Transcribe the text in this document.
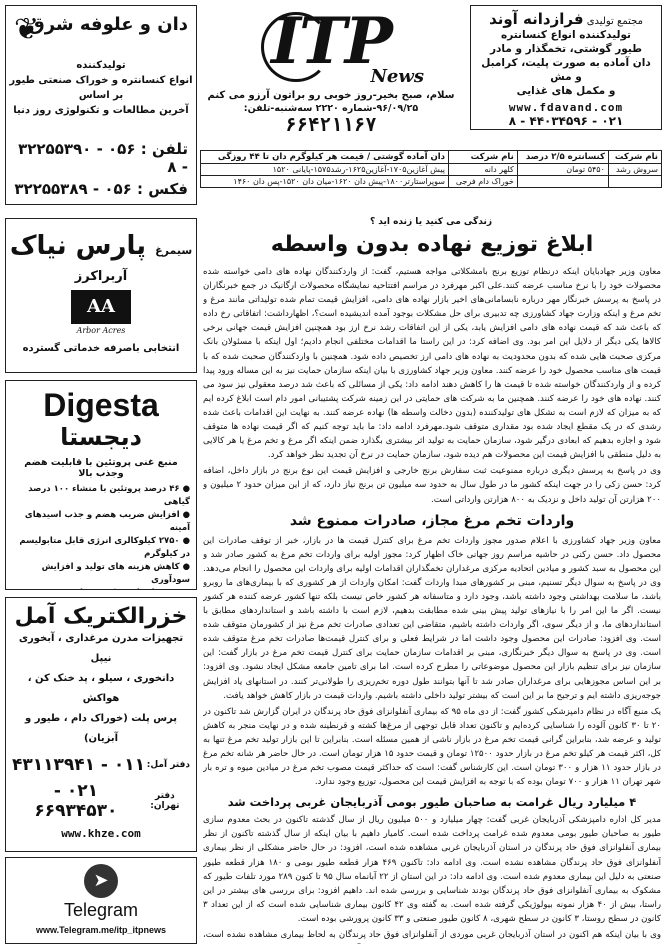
مجتمع تولیدی فرازدانه آوند
تولیدکننده انواع کنسانتره
طیور گوشتی، تخمگذار و مادر
دان آماده به صورت پلیت، کرامبل و مش
و مکمل های غذایی
www.fdavand.com
۰۲۱ - ۴۴۰۳۴۵۹۶ - ۸
ITP
News
سلام، صبح بخیر-روز خوبی رو براتون آرزو می کنم
۹۶/۰۹/۲۵-شماره ۲۲۲۰ سه‌شنبه-تلفن: ۶۶۴۲۱۱۶۷
دان و علوفه شرق
❦
تولیدکننده
انواع کنسانتره و خوراک صنعتی طیور
بر اساس
آخرین مطالعات و تکنولوژی روز دنیا
تلفن : ۰۵۶ - ۳۲۲۵۵۳۹۰ - ۸
فکس : ۰۵۶ - ۳۲۲۵۵۳۸۹
نام شرکت	کنسانتره ۲/۵ درصد	نام شرکت	دان آماده گوشتی / قیمت هر کیلوگرم دان تا ۴۴ روزگی
سروش رشد	۵۴۵۰ تومان	کلهر دانه	پیش آغازین۱۷۰۵-آغازین۱۶۲۵-رشد۱۵۷۵-پایانی ۱۵۲۰
		خوراک دام فرجی	سوپراستارتر۱۸۰۰-پیش دان ۱۶۲۰-میان دان ۱۵۲۰-پس دان ۱۴۶۰
زندگی می کنید یا زنده اید ؟
سیمرغ پارس نیاک
آربراکرز
AA
Arbor Acres
انتخابی باصرفه خدماتی گسترده
Digesta
دیجستا
منبع غنی پروتئین با قابلیت هضم وجذب بالا
● ۴۶ درصد پروتئین با منشاء ۱۰۰ درصد گیاهی
● افزایش ضریب هضم و جذب اسیدهای آمینه
● ۲۷۵۰ کیلوکالری انرژی قابل متابولیسم در کیلوگرم
● کاهش هزینه های تولید و افزایش سودآوری
خزرالکتریک آمل
تجهیزات مدرن مرغداری ، آبخوری نیپل
دانخوری ، سیلو ، پد خنک کن ، هواکش
پرس پلت (خوراک دام ، طیور و آبزیان)
دفتر آمل:
۰۱۱ - ۴۳۱۱۳۹۴۱
دفتر تهران:
۰۲۱ - ۶۶۹۳۴۵۳۰
www.khze.com
➤
Telegram
www.Telegram.me/itp_itpnews
ابلاغ توزیع نهاده بدون واسطه

معاون وزیر جهادبایان اینکه درنظام توزیع برنج بامشکلاتی مواجه هستیم، گفت: از واردکنندگان نهاده های دامی خواسته شده محصولات خود را با نرخ مناسب عرضه کنند.علی اکبر مهرفرد در مراسم افتتاحیه نمایشگاه محصولات ارگانیک در جمع خبرنگاران در پاسخ به پرسش خبرنگار مهر درباره نابسامانی‌های اخیر بازار نهاده های دامی، افزایش قیمت تمام شده تولیداتی مانند مرغ و تخم مرغ و اینکه وزارت جهاد کشاورزی چه تدبیری برای حل مشکلات بوجود آمده اندیشیده است؟، اظهارداشت: اتفاقاتی رخ داده که باعث شد که قیمت نهاده های دامی افزایش یابد، یکی از این اتفاقات رشد نرخ ارز بود همچنین افزایش قیمت جهانی برخی کالاها یکی دیگر از دلایل این امر بود. وی اضافه کرد: در این راستا ما اقدامات مختلفی انجام دادیم؛ اول اینکه با مسئولان بانک مرکزی صحبت هایی شده که بدون محدودیت به نهاده های دامی ارز تخصیص داده شود. همچنین با واردکنندگان صحبت شده که با قیمت های مناسب محصول خود را عرضه کنند. معاون وزیر جهاد کشاورزی با بیان اینکه سازمان حمایت نیز به این مساله ورود پیدا کرده و از واردکنندگان خواسته شده تا قیمت ها را کاهش دهند ادامه داد: یکی از مسائلی که باعث شد درصد معقولی نیز سود می کنند. نهاده های خود را عرضه کنند. همچنین ما به شرکت های حمایتی در این زمینه شرکت پشتیبانی امور دام است ابلاغ کرده ایم که به میزان که لازم است به تشکل های تولیدکننده (بدون دخالت واسطه ها) نهاده عرضه کنند. به نهایت این اقدامات باعث شده رشدی که در یک مقطع ایجاد شده بود مقداری متوقف شود.مهرفرد ادامه داد: ما باید توجه کنیم که اگر قیمت نهاده ها متوقف شود و اجازه بدهیم که ابعادی درگیر شود، سازمان حمایت به تولید اثر بیشتری بگذارد ضمن اینکه اگر مرغ و تخم مرغ یا هر کالایی به دلیل منطقی با افزایش قیمت این محصولات هم دیده شود، سازمان حمایت در نرخ آن تجدید نظر خواهد کرد.

وی در پاسخ به پرسش دیگری درباره ممنوعیت ثبت سفارش برنج خارجی و افزایش قیمت این نوع برنج در بازار داخل، اضافه کرد: حسن زکی را در جهت اینکه کشور ما در طول سال به حدود سه میلیون تن برنج نیاز دارد، که از این میزان حدود ۲ میلیون و ۲۰۰ هزارتن آن تولید داخل و نزدیک به ۸۰۰ هزارتن وارداتی است.

واردات تخم مرغ مجاز، صادرات ممنوع شد

معاون وزیر جهاد کشاورزی با اعلام صدور مجوز واردات تخم مرغ برای کنترل قیمت ها در بازار، خبر از توقف صادرات این محصول داد. حسن رکنی در حاشیه مراسم روز جهانی خاک اظهار کرد: مجوز اولیه برای واردات تخم مرغ به کشور صادر شد و این محصول به سبد کشور و میادین اتحادیه مرکزی مرغداران تخمگذاران اقدامات اولیه برای واردات این محصول را انجام می‌دهد. وی در پاسخ به سوال دیگر تسنیم، مبنی بر کشورهای مبدا واردات گفت: امکان واردات از هر کشوری که با بیماری‌های ما روبرو باشد، ما سلامت بهداشتی وجود داشته باشد، وجود دارد و متاسفانه هر کشور خاص نیست بلکه تنها کشور عرضه کننده هر کشور نیست. اگر ما این امر را با نیازهای تولید پیش بینی شده مطابقت بدهیم، لازم است با داشته باشد و استانداردهای مطابق با استانداردهای ما، و از دیگر سوی، اگر واردات داشته باشیم، متقاضی این تعدادی صادرات تخم مرغ نیز از کشورمان متوقف شده است. وی افزود: صادرات این محصول وجود داشت اما در شرایط فعلی و برای کنترل قیمت‌ها صادرات تخم مرغ متوقف شده است. وی در پاسخ به سوال دیگر خبرنگاری، مبنی بر اقدامات سازمان حمایت برای کنترل قیمت تخم مرغ در بازار گفت: این سازمان نیز برای تنظیم بازار این محصول موضوعاتی را مطرح کرده است. اما برای تامین جامعه مشکل ایجاد نشود. وی افزود: بر این اساس مجوزهایی برای مرغداران صادر شد تا آنها بتوانند طول دوره تخم‌ریزی را طولانی‌تر کنند. در استانهای یاد افزایش جوجه‌ریزی داشته ایم و ترجیح ما بر این است که بیشتر تولید داخلی داشته باشیم. واردات قیمت در بازار کاهش خواهد یافت.

یک منبع آگاه در نظام دامپزشکی کشور گفت: از دی ماه ۹۵ که بیماری آنفلوانزای فوق حاد پرندگان در ایران گزارش شد تاکنون در ۲۰ تا ۳۰ کانون آلوده را شناسایی کرده‌ایم و تاکنون تعداد قابل توجهی از مرغ‌ها کشته و قرنطینه شده و در نهایت منجر به کاهش تولید و عرضه شد، بنابراین گرانی قیمت تخم مرغ در بازار ناشی از همین مسئله است. بنابراین تا این بازار تولید تخم مرغ تنها به کل، اکثر قیمت هر کیلو تخم مرغ در بازار حدود ۱۲۵۰۰ تومان و قیمت حدود ۱۵ هزار تومان است. در حال حاضر هر شانه تخم مرغ در بازار حدود ۱۱ هزار و ۳۰۰ تومان است. این کارشناس گفت: است که حداکثر قیمت مصوب تخم مرغ در میادین میوه و تره بار شهر تهران ۱۱ هزار و ۷۰۰ تومان بوده که با توجه به افزایش قیمت این محصول، توزیع وجود ندارد.

۴ میلیارد ریال غرامت به صاحبان طیور بومی آذربایجان غربی پرداخت شد

مدیر کل اداره دامپزشکی آذربایجان غربی گفت: چهار میلیارد و ۵۰۰ میلیون ریال از سال گذشته تاکنون در بحث معدوم سازی طیور به صاحبان طیور بومی معدوم شده غرامت پرداخت شده است. کامیار داهیم با بیان اینکه از سال گذشته تاکنون از نظر بیماری آنفلوانزای فوق حاد پرندگان در استان آذربایجان غربی مشاهده شده است، افزود: در حال حاضر مشکلی از نظر بیماری آنفلوانزای فوق حاد پرندگان مشاهده نشده است. وی ادامه داد: تاکنون ۴۶۹ هزار قطعه طیور بومی و ۱۸۰ هزار قطعه طیور صنعتی به دلیل این بیماری معدوم شده است. وی ادامه داد: در این استان از ۲۲ آبانماه سال ۹۵ تا کنون ۲۸۹ مورد تلفات طیور که مشکوک به بیماری آنفلوانزای فوق حاد پرندگان بودند شناسایی و بررسی شده اند. داهیم افزود: برای بررسی های بیشتر در این راستا، بیش از ۴۰ هزار نمونه بیولوژیکی گرفته شده است. به گفته وی ۴۲ کانون بیماری شناسایی شده است که از این تعداد ۳ کانون در سطح روستا، ۳ کانون در سطح شهری، ۸ کانون طیور صنعتی و ۳۳ کانون پرورشی بوده است.

وی با بیان اینکه هم اکنون در استان آذربایجان غربی موردی از آنفلوانزای فوق حاد پرندگان به لحاظ بیماری مشاهده نشده است،
